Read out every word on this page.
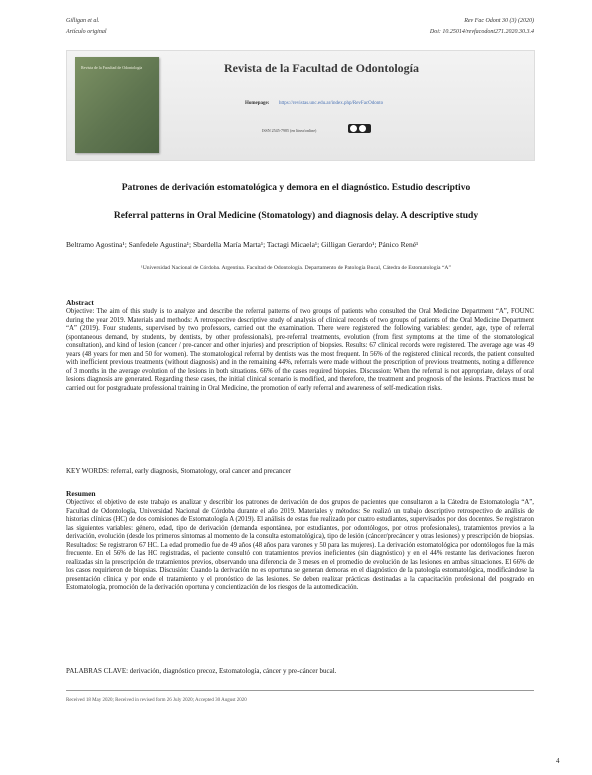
Gilligan et al.
Artículo original
Rev Fac Odont 30 (3) (2020)
Doi: 10.25014/revfacodont271.2020.30.3.4
Revista de la Facultad de Odontología	Revista de la Facultad de Odontología
Homepage: https://revistas.unc.edu.ar/index.php/RevFacOdonto
ISSN 2545-7985 (en línea/online)
Patrones de derivación estomatológica y demora en el diagnóstico. Estudio descriptivo
Referral patterns in Oral Medicine (Stomatology) and diagnosis delay. A descriptive study
Beltramo Agostina¹; Sanfedele Agustina¹; Sbardella María Marta¹; Tactagi Micaela¹; Gilligan Gerardo¹; Pánico René¹
¹Universidad Nacional de Córdoba. Argentina. Facultad de Odontología. Departamento de Patología Bucal, Cátedra de Estomatología “A”
Abstract

Objective: The aim of this study is to analyze and describe the referral patterns of two groups of patients who consulted the Oral Medicine Department “A”, FOUNC during the year 2019. Materials and methods: A retrospective descriptive study of analysis of clinical records of two groups of patients of the Oral Medicine Department “A” (2019). Four students, supervised by two professors, carried out the examination. There were registered the following variables: gender, age, type of referral (spontaneous demand, by students, by dentists, by other professionals), pre-referral treatments, evolution (from first symptoms at the time of the stomatological consultation), and kind of lesion (cancer / pre-cancer and other injuries) and prescription of biopsies. Results: 67 clinical records were registered. The average age was 49 years (48 years for men and 50 for women). The stomatological referral by dentists was the most frequent. In 56% of the registered clinical records, the patient consulted with inefficient previous treatments (without diagnosis) and in the remaining 44%, referrals were made without the prescription of previous treatments, noting a difference of 3 months in the average evolution of the lesions in both situations. 66% of the cases required biopsies. Discussion: When the referral is not appropriate, delays of oral lesions diagnosis are generated. Regarding these cases, the initial clinical scenario is modified, and therefore, the treatment and prognosis of the lesions. Practices must be carried out for postgraduate professional training in Oral Medicine, the promotion of early referral and awareness of self-medication risks.

KEY WORDS: referral, early diagnosis, Stomatology, oral cancer and precancer
Resumen

Objectivo: el objetivo de este trabajo es analizar y describir los patrones de derivación de dos grupos de pacientes que consultaron a la Cátedra de Estomatología “A”, Facultad de Odontología, Universidad Nacional de Córdoba durante el año 2019. Materiales y métodos: Se realizó un trabajo descriptivo retrospectivo de análisis de historias clínicas (HC) de dos comisiones de Estomatología A (2019). El análisis de estas fue realizado por cuatro estudiantes, supervisados por dos docentes. Se registraron las siguientes variables: género, edad, tipo de derivación (demanda espontánea, por estudiantes, por odontólogos, por otros profesionales), tratamientos previos a la derivación, evolución (desde los primeros síntomas al momento de la consulta estomatológica), tipo de lesión (cáncer/precáncer y otras lesiones) y prescripción de biopsias. Resultados: Se registraron 67 HC. La edad promedio fue de 49 años (48 años para varones y 50 para las mujeres). La derivación estomatológica por odontólogos fue la más frecuente. En el 56% de las HC registradas, el paciente consultó con tratamientos previos ineficientes (sin diagnóstico) y en el 44% restante las derivaciones fueron realizadas sin la prescripción de tratamientos previos, observando una diferencia de 3 meses en el promedio de evolución de las lesiones en ambas situaciones. El 66% de los casos requirieron de biopsias. Discusión: Cuando la derivación no es oportuna se generan demoras en el diagnóstico de la patología estomatológica, modificándose la presentación clínica y por ende el tratamiento y el pronóstico de las lesiones. Se deben realizar prácticas destinadas a la capacitación profesional del posgrado en Estomatología, promoción de la derivación oportuna y concientización de los riesgos de la automedicación.

PALABRAS CLAVE: derivación, diagnóstico precoz, Estomatología, cáncer y pre-cáncer bucal.
Received 18 May 2020; Received in revised form 26 July 2020; Accepted 30 August 2020
4
